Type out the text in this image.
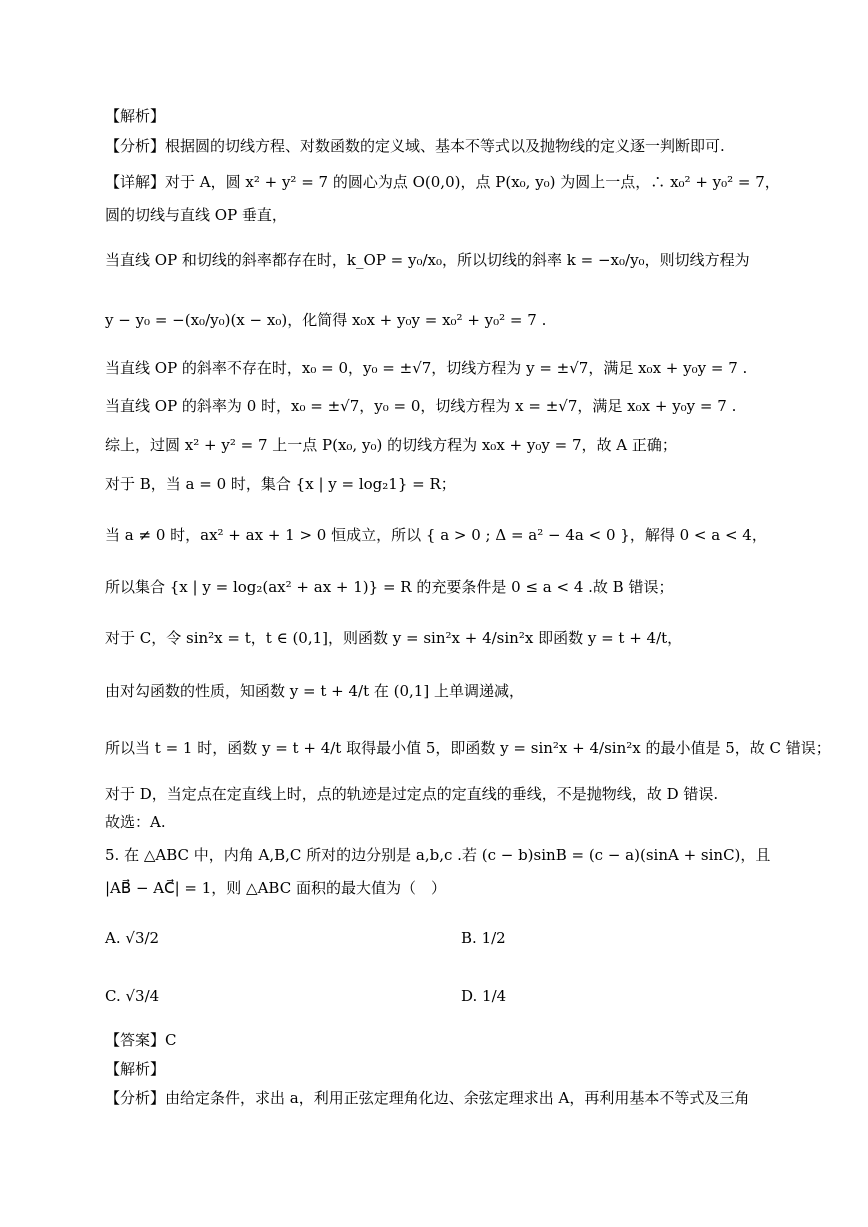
【解析】
【分析】根据圆的切线方程、对数函数的定义域、基本不等式以及抛物线的定义逐一判断即可.
【详解】对于 A，圆 x² + y² = 7 的圆心为点 O(0,0)，点 P(x₀, y₀) 为圆上一点，∴ x₀² + y₀² = 7，
圆的切线与直线 OP 垂直，
当直线 OP 和切线的斜率都存在时，k_OP = y₀/x₀，所以切线的斜率 k = −x₀/y₀，则切线方程为
y − y₀ = −(x₀/y₀)(x − x₀)，化简得 x₀x + y₀y = x₀² + y₀² = 7 .
当直线 OP 的斜率不存在时，x₀ = 0，y₀ = ±√7，切线方程为 y = ±√7，满足 x₀x + y₀y = 7 .
当直线 OP 的斜率为 0 时，x₀ = ±√7，y₀ = 0，切线方程为 x = ±√7，满足 x₀x + y₀y = 7 .
综上，过圆 x² + y² = 7 上一点 P(x₀, y₀) 的切线方程为 x₀x + y₀y = 7，故 A 正确；
对于 B，当 a = 0 时，集合 {x | y = log₂1} = R；
当 a ≠ 0 时，ax² + ax + 1 > 0 恒成立，所以 { a > 0 ; Δ = a² − 4a < 0 }，解得 0 < a < 4，
所以集合 {x | y = log₂(ax² + ax + 1)} = R 的充要条件是 0 ≤ a < 4 .故 B 错误；
对于 C，令 sin²x = t，t ∈ (0,1]，则函数 y = sin²x + 4/sin²x 即函数 y = t + 4/t，
由对勾函数的性质，知函数 y = t + 4/t 在 (0,1] 上单调递减，
所以当 t = 1 时，函数 y = t + 4/t 取得最小值 5，即函数 y = sin²x + 4/sin²x 的最小值是 5，故 C 错误；
对于 D，当定点在定直线上时，点的轨迹是过定点的定直线的垂线，不是抛物线，故 D 错误.
故选：A.
5. 在 △ABC 中，内角 A,B,C 所对的边分别是 a,b,c .若 (c − b)sinB = (c − a)(sinA + sinC)，且
|AB⃗ − AC⃗| = 1，则 △ABC 面积的最大值为（　）
A. √3/2	B. 1/2
C. √3/4	D. 1/4
【答案】C
【解析】
【分析】由给定条件，求出 a，利用正弦定理角化边、余弦定理求出 A，再利用基本不等式及三角
